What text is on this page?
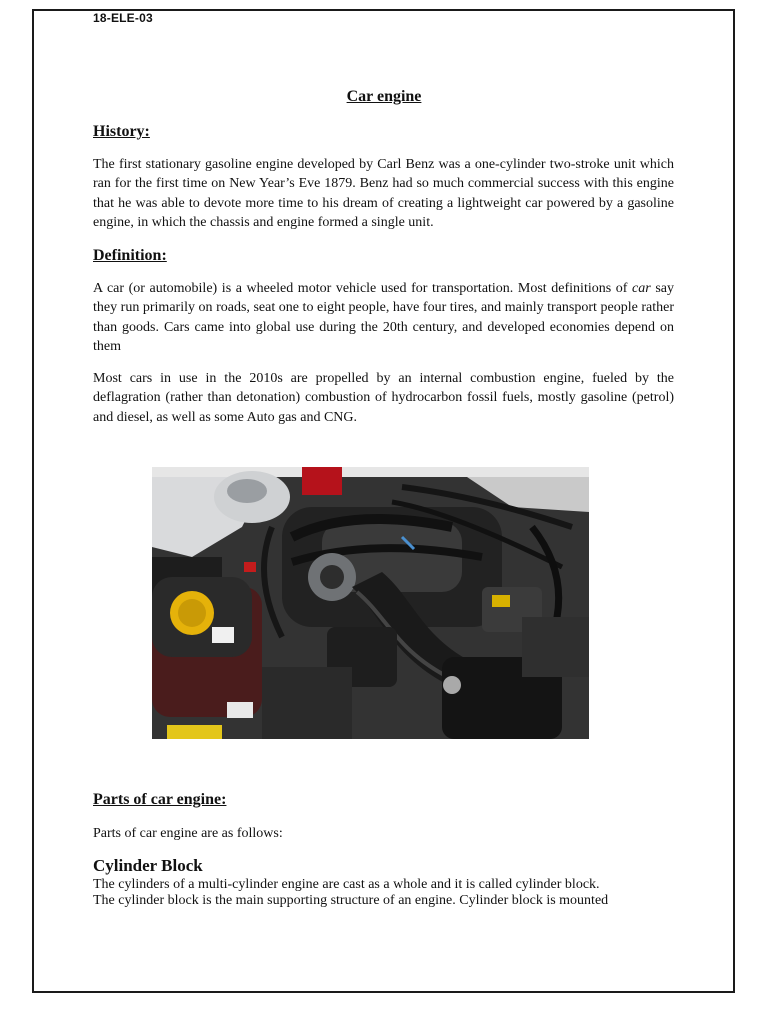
18-ELE-03
Car engine
History:
The first stationary gasoline engine developed by Carl Benz was a one-cylinder two-stroke unit which ran for the first time on New Year’s Eve 1879. Benz had so much commercial success with this engine that he was able to devote more time to his dream of creating a lightweight car powered by a gasoline engine, in which the chassis and engine formed a single unit.
Definition:
A car (or automobile) is a wheeled motor vehicle used for transportation. Most definitions of car say they run primarily on roads, seat one to eight people, have four tires, and mainly transport people rather than goods. Cars came into global use during the 20th century, and developed economies depend on them
Most cars in use in the 2010s are propelled by an internal combustion engine, fueled by the deflagration (rather than detonation) combustion of hydrocarbon fossil fuels, mostly gasoline (petrol) and diesel, as well as some Auto gas and CNG.
Parts of car engine:
Parts of car engine are as follows:
Cylinder Block
The cylinders of a multi-cylinder engine are cast as a whole and it is called cylinder block.
The cylinder block is the main supporting structure of an engine. Cylinder block is mounted
